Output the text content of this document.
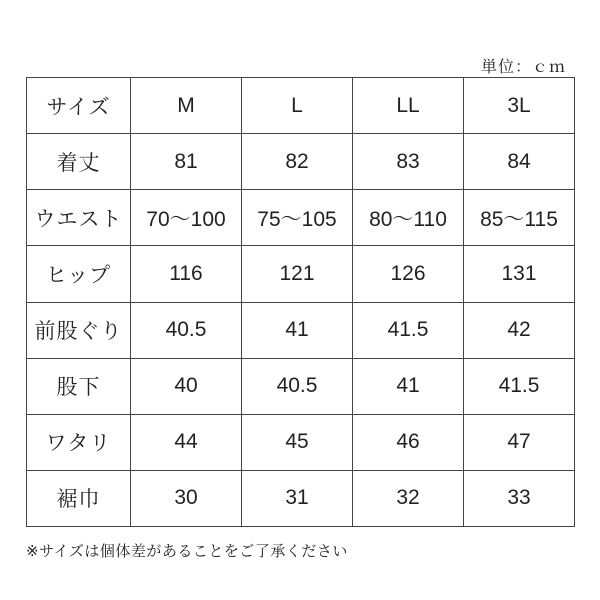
単位：ｃｍ
サイズ	M	L	LL	3L
着丈	81	82	83	84
ウエスト	70〜100	75〜105	80〜110	85〜115
ヒップ	116	121	126	131
前股ぐり	40.5	41	41.5	42
股下	40	40.5	41	41.5
ワタリ	44	45	46	47
裾巾	30	31	32	33
※サイズは個体差があることをご了承ください
